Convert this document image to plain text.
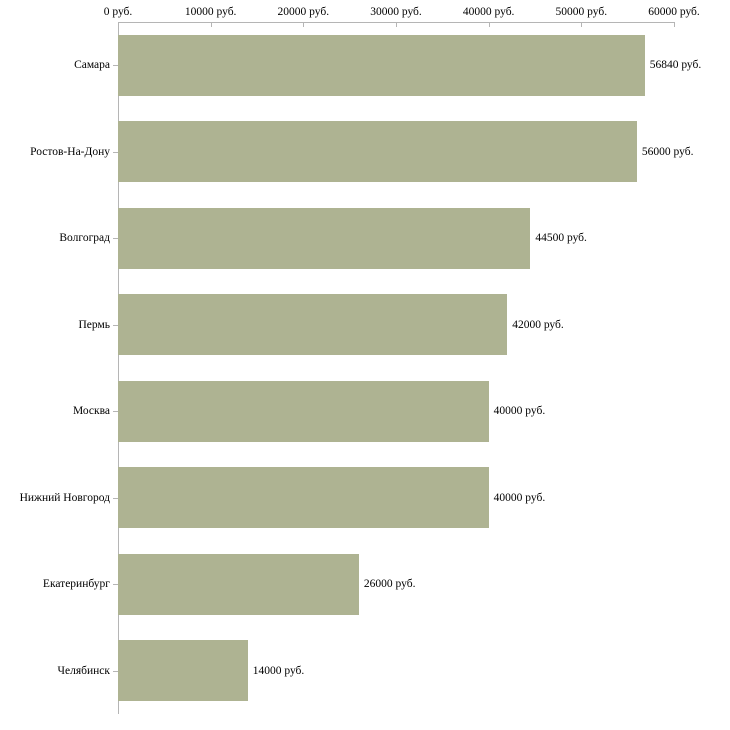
0 руб.	10000 руб.	20000 руб.	30000 руб.	40000 руб.	50000 руб.	60000 руб.
Самара
Ростов-На-Дону
Волгоград
Пермь
Москва
Нижний Новгород
Екатеринбург
Челябинск
56840 руб.
56000 руб.
44500 руб.
42000 руб.
40000 руб.
40000 руб.
26000 руб.
14000 руб.
